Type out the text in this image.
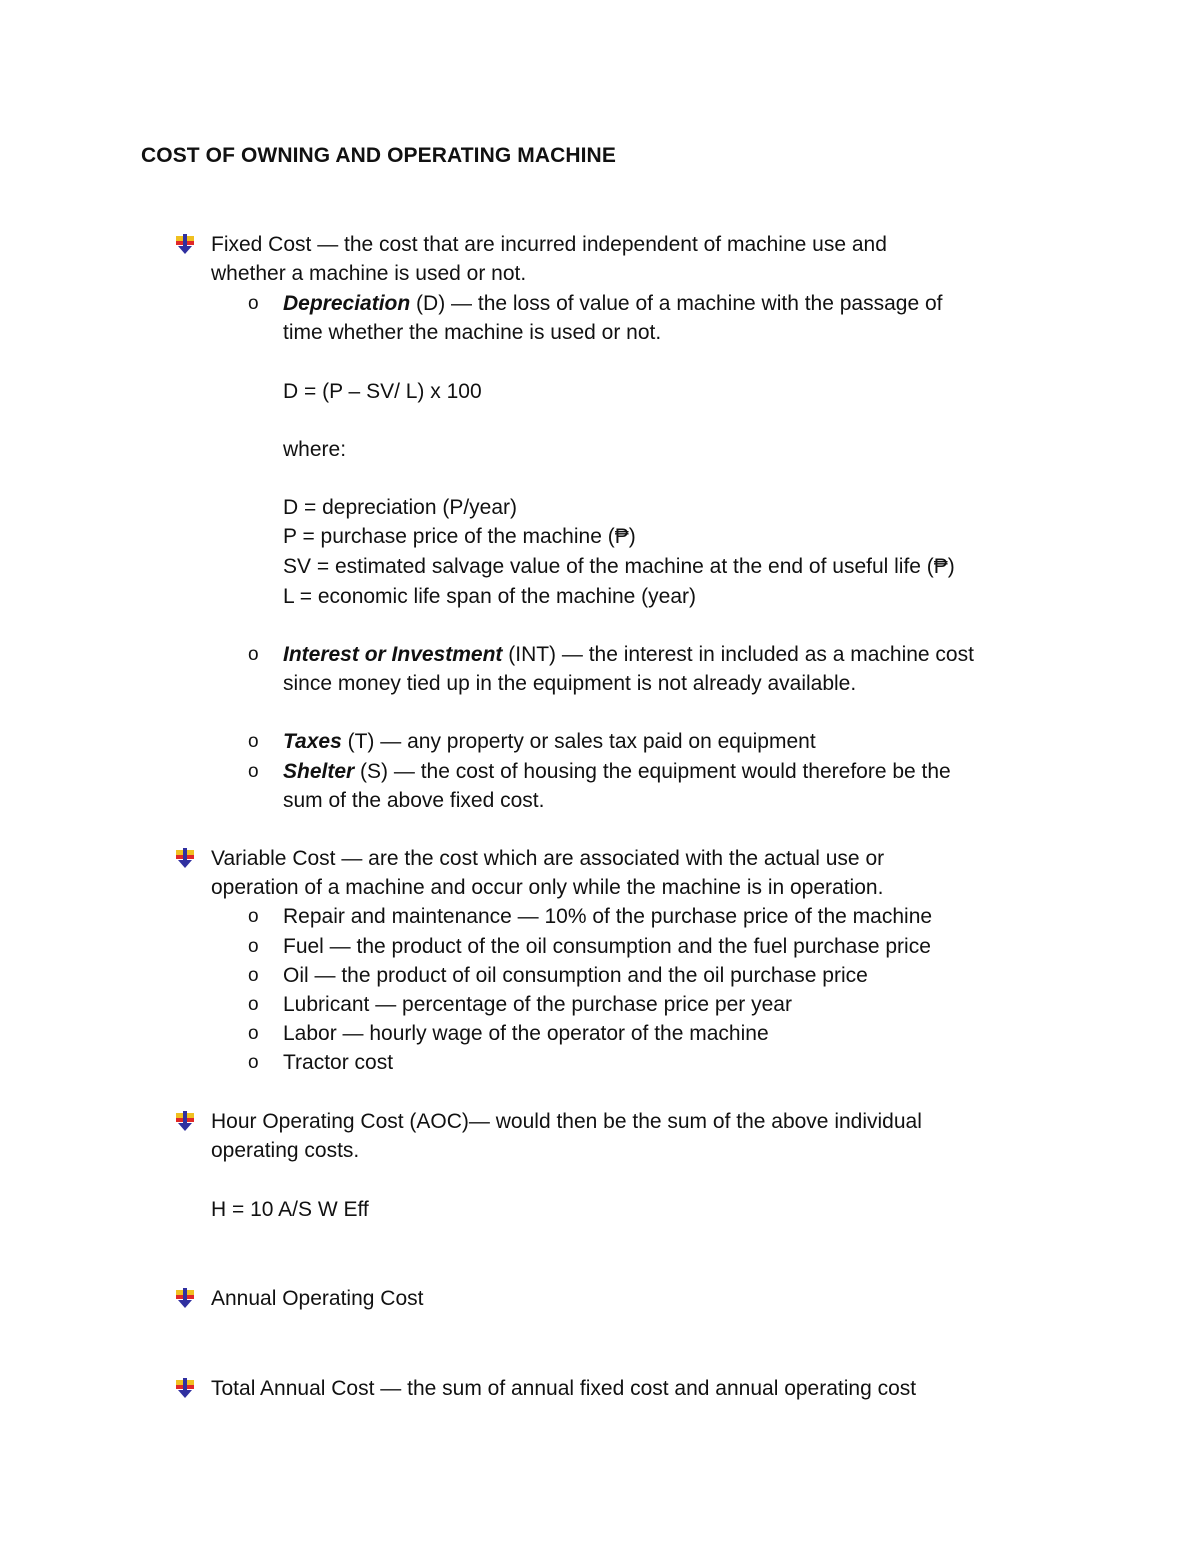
COST OF OWNING AND OPERATING MACHINE
Fixed Cost — the cost that are incurred independent of machine use and
whether a machine is used or not.
o Depreciation (D) — the loss of value of a machine with the passage of
time whether the machine is used or not.
D = (P – SV/ L) x 100
where:
D = depreciation (P/year)
P = purchase price of the machine (₱)
SV = estimated salvage value of the machine at the end of useful life (₱)
L = economic life span of the machine (year)
o Interest or Investment (INT) — the interest in included as a machine cost
since money tied up in the equipment is not already available.
o Taxes (T) — any property or sales tax paid on equipment
o Shelter (S) — the cost of housing the equipment would therefore be the
sum of the above fixed cost.
Variable Cost — are the cost which are associated with the actual use or
operation of a machine and occur only while the machine is in operation.
o Repair and maintenance — 10% of the purchase price of the machine
o Fuel — the product of the oil consumption and the fuel purchase price
o Oil — the product of oil consumption and the oil purchase price
o Lubricant — percentage of the purchase price per year
o Labor — hourly wage of the operator of the machine
o Tractor cost
Hour Operating Cost (AOC)— would then be the sum of the above individual
operating costs.
H = 10 A/S W Eff
Annual Operating Cost
Total Annual Cost — the sum of annual fixed cost and annual operating cost
